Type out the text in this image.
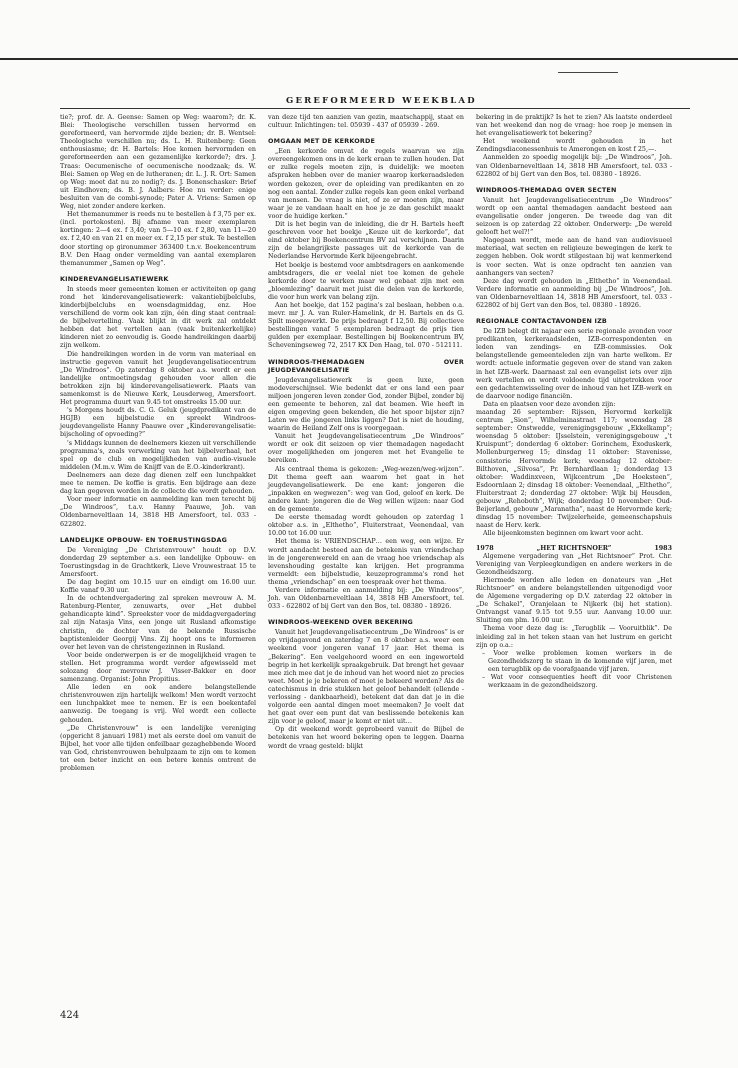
GEREFORMEERD WEEKBLAD

tie?; prof. dr. A. Geense: Samen op Weg: waarom?; dr. K. Blei: Theologische verschillen tussen hervormd en gereformeerd, van hervormde zijde bezien; dr. B. Wentsel: Theologische verschillen nu; ds. L. H. Ruitenberg: Geen enthousiasme; dr. H. Bartels: Hoe komen hervormden en gereformeerden aan een gezamenlijke kerkorde?; drs. J. Traas: Oecumenische of oecumenische noodzaak; ds. W. Blei: Samen op Weg en de lutheranen; dr. L. J. R. Ort: Samen op Weg: moet dat nu zo nodig?; ds. J. Bonenschasker: Brief uit Eindhoven; ds. B. J. Aalbers: Hoe nu verder: enige besluiten van de combi-synode; Pater A. Vriens: Samen op Weg, niet zonder andere kerken.

Het themanummer is reeds nu te bestellen à f 3,75 per ex. (incl. portokosten). Bij afname van meer exemplaren kortingen: 2—4 ex. f 3,40; van 5—10 ex. f 2,80, van 11—20 ex. f 2,40 en van 21 en meer ex. f 2,15 per stuk. Te bestellen door storting op gironummer 363400 t.n.v. Boekencentrum B.V. Den Haag onder vermelding van aantal exemplaren themanummer „Samen op Weg”.

KINDEREVANGELISATIEWERK

In steeds meer gemeenten komen er activiteiten op gang rond het kinderevangelisatiewerk: vakantiebijbelclubs, kinderbijbelclubs en woensdagmiddag, enz. Hoe verschillend de vorm ook kan zijn, één ding staat centraal: de bijbelvertelling. Vaak blijkt in dit werk zal ontdekt hebben dat het vertellen aan (vaak buitenkerkelijke) kinderen niet zo eenvoudig is. Goede handreikingen daarbij zijn welkom.

Die handreikingen worden in de vorm van materiaal en instructie gegeven vanuit het Jeugdevangelisatiecentrum „De Windroos”. Op zaterdag 8 oktober a.s. wordt er een landelijke ontmoetingsdag gehouden voor allen die betrokken zijn bij kinderevangelisatiewerk. Plaats van samenkomst is de Nieuwe Kerk, Leusderweg, Amersfoort. Het programma duurt van 9.45 tot omstreeks 15.00 uur.

's Morgens houdt ds. C. G. Geluk (jeugdpredikant van de HGJB) een bijbelstudie en spreekt Windroos-jeugdevangeliste Hanny Paauwe over „Kinderevangelisatie: bijscholing of opvoeding?”

's Middags kunnen de deelnemers kiezen uit verschillende programma's, zoals verwerking van het bijbelverhaal, het spel op de club en mogelijkheden van audio-visuele middelen (M.m.v. Wim de Knijff van de E.O.-kinderkrant).

Deelnemers aan deze dag dienen zelf een lunchpakket mee te nemen. De koffie is gratis. Een bijdrage aan deze dag kan gegeven worden in de collecte die wordt gehouden.

Voor meer informatie en aanmelding kan men terecht bij „De Windroos”, t.a.v. Hanny Paauwe, Joh. van Oldenbarneveltlaan 14, 3818 HB Amersfoort, tel. 033 - 622802.

LANDELIJKE OPBOUW- EN TOERUSTINGSDAG

De Vereniging „De Christenvrouw” houdt op D.V. donderdag 29 september a.s. een landelijke Opbouw- en Toerustingsdag in de Grachtkerk, Lieve Vrouwestraat 15 te Amersfoort.

De dag begint om 10.15 uur en eindigt om 16.00 uur. Koffie vanaf 9.30 uur.

In de ochtendvergadering zal spreken mevrouw A. M. Ratenburg-Plenter, zenuwarts, over „Het dubbel gehandicapte kind”. Spreekster voor de middagvergadering zal zijn Natasja Vins, een jonge uit Rusland afkomstige christin, de dochter van de bekende Russische baptistenleider Georgij Vins. Zij hoopt ons te informeren over het leven van de christengezinnen in Rusland.

Voor beide onderwerpen is er de mogelijkheid vragen te stellen. Het programma wordt verder afgewisseld met solozang door mevrouw J. Visser-Bakker en door samenzang. Organist: John Propitius.

Alle leden en ook andere belangstellende christenvrouwen zijn hartelijk welkom! Men wordt verzocht een lunchpakket mee te nemen. Er is een boekentafel aanwezig. De toegang is vrij. Wel wordt een collecte gehouden.

„De Christenvrouw” is een landelijke vereniging (opgericht 8 januari 1981) met als eerste doel om vanuit de Bijbel, het voor alle tijden onfeilbaar gezaghebbende Woord van God, christenvrouwen behulpzaam te zijn om te komen tot een beter inzicht en een betere kennis omtrent de problemen

van deze tijd ten aanzien van gezin, maatschappij, staat en cultuur. Inlichtingen: tel. 05939 - 437 of 05939 - 269.

OMGAAN MET DE KERKORDE

„Een kerkorde omvat de regels waarvan we zijn overeengekomen ons in de kerk eraan te zullen houden. Dat er zulke regels moeten zijn, is duidelijk: we moeten afspraken hebben over de manier waarop kerkeraadsleden worden gekozen, over de opleiding van predikanten en zo nog een aantal. Zonder zulke regels kan geen enkel verband van mensen. De vraag is niet, of ze er moeten zijn, maar waar je ze vandaan haalt en hoe je ze dan geschikt maakt voor de huidige kerken.”

Dit is het begin van de inleiding, die dr H. Bartels heeft geschreven voor het boekje „Keuze uit de kerkorde”, dat eind oktober bij Boekencentrum BV zal verschijnen. Daarin zijn de belangrijkste passages uit de kerkorde van de Nederlandse Hervormde Kerk bijeengebracht.

Het boekje is bestemd voor ambtsdragers en aankomende ambtsdragers, die er veelal niet toe komen de gehele kerkorde door te werken maar wel gebaat zijn met een „bloemlezing” daaruit met juist die delen van de kerkorde, die voor hun werk van belang zijn.

Aan het boekje, dat 152 pagina's zal beslaan, hebben o.a. mevr. mr J. A. van Ruler-Hamelink, dr H. Bartels en ds G. Spilt meegewerkt. De prijs bedraagt f 12,50. Bij collectieve bestellingen vanaf 5 exemplaren bedraagt de prijs tien gulden per exemplaar. Bestellingen bij Boekencentrum BV, Scheveningseweg 72, 2517 KX Den Haag, tel. 070 - 512111.

WINDROOS-THEMADAGEN OVER JEUGDEVANGELISATIE

Jeugdevangelisatiewerk is geen luxe, geen modeverschijnsel. Wie bedenkt dat er ons land een paar miljoen jongeren leven zonder God, zonder Bijbel, zonder bij een gemeente te behoren, zal dat beamen. Wie heeft in eigen omgeving geen bekenden, die het spoor bijster zijn? Laten we die jongeren links liggen? Dat is niet de houding, waarin de Heiland Zelf ons is voorgegaan.

Vanuit het Jeugdevangelisatiecentrum „De Windroos” wordt er ook dit seizoen op vier themadagen nagedacht over mogelijkheden om jongeren met het Evangelie te bereiken.

Als centraal thema is gekozen: „Weg-wezen/weg-wijzen”. Dit thema geeft aan waarom het gaat in het jeugdevangelisatiewerk. De ene kant: jongeren die „inpakken en wegwezen”: weg van God, geloof en kerk. De andere kant: jongeren die de Weg willen wijzen: naar God en de gemeente.

De eerste themadag wordt gehouden op zaterdag 1 oktober a.s. in „Elthetho”, Fluiterstraat, Veenendaal, van 10.00 tot 16.00 uur.

Het thema is: VRIENDSCHAP… een weg, een wijze. Er wordt aandacht besteed aan de betekenis van vriendschap in de jongerenwereld en aan de vraag hoe vriendschap als levenshouding gestalte kan krijgen. Het programma vermeldt: een bijbelstudie, keuzeprogramma's rond het thema „vriendschap” en een toespraak over het thema.

Verdere informatie en aanmelding bij: „De Windroos”, Joh. van Oldenbarneveltlaan 14, 3818 HB Amersfoort, tel. 033 - 622802 of bij Gert van den Bos, tel. 08380 - 18926.

WINDROOS-WEEKEND OVER BEKERING

Vanuit het Jeugdevangelisatiecentrum „De Windroos” is er op vrijdagavond en zaterdag 7 en 8 oktober a.s. weer een weekend voor jongeren vanaf 17 jaar. Het thema is „Bekering”. Een veelgehoord woord en een ingeworteld begrip in het kerkelijk spraakgebruik. Dat brengt het gevaar mee zich mee dat je de inhoud van het woord niet zo precies weet. Moet je je bekeren of moet je bekeerd worden? Als de catechismus in drie stukken het geloof behandelt (ellende - verlossing - dankbaarheid), betekent dat dan dat je in die volgorde een aantal dingen moet meemaken? Je voelt dat het gaat over een punt dat van beslissende betekenis kan zijn voor je geloof, maar je komt er niet uit…

Op dit weekend wordt geprobeerd vanuit de Bijbel de betekenis van het woord bekering open te leggen. Daarna wordt de vraag gesteld: blijkt

bekering in de praktijk? Is het te zien? Als laatste onderdeel van het weekend dan nog de vraag: hoe roep je mensen in het evangelisatiewerk tot bekering?

Het weekend wordt gehouden in het Zendingsdiaconessenhuis te Amerongen en kost f 25,—.

Aanmelden zo spoedig mogelijk bij: „De Windroos”, Joh. van Oldenbarneveltlaan 14, 3818 HB Amersfoort, tel. 033 - 622802 of bij Gert van den Bos, tel. 08380 - 18926.

WINDROOS-THEMADAG OVER SECTEN

Vanuit het Jeugdevangelisatiecentrum „De Windroos” wordt op een aantal themadagen aandacht besteed aan evangelisatie onder jongeren. De tweede dag van dit seizoen is op zaterdag 22 oktober. Onderwerp: „De wereld gelooft het wel?!”

Nagegaan wordt, mede aan de hand van audiovisueel materiaal, wat secten en religieuze bewegingen de kerk te zeggen hebben. Ook wordt stilgestaan bij wat kenmerkend is voor secten. Wat is onze opdracht ten aanzien van aanhangers van secten?

Deze dag wordt gehouden in „Elthetho” in Veenendaal. Verdere informatie en aanmelding bij „De Windroos”, Joh. van Oldenbarneveltlaan 14, 3818 HB Amersfoort, tel. 033 - 622802 of bij Gert van den Bos, tel. 08380 - 18926.

REGIONALE CONTACTAVONDEN IZB

De IZB belegt dit najaar een serie regionale avonden voor predikanten, kerkeraadsleden, IZB-correspondenten en leden van zendings- en IZB-commissies. Ook belangstellende gemeenteleden zijn van harte welkom. Er wordt: actuele informatie gegeven over de stand van zaken in het IZB-werk. Daarnaast zal een evangelist iets over zijn werk vertellen en wordt voldoende tijd uitgetrokken voor een gedachtenwisseling over de inhoud van het IZB-werk en de daarvoor nodige financiën.

Data en plaatsen voor deze avonden zijn:

maandag 26 september: Rijssen, Hervormd kerkelijk centrum „Sion”, Wilhelminastraat 117; woensdag 28 september: Onstwedde, verenigingsgebouw „Ekkelkamp”; woensdag 5 oktober: IJsselstein, verenigingsgebouw „'t Kruispunt”; donderdag 6 oktober: Gorinchem, Exoduskerk, Mollenburgerweg 15; dinsdag 11 oktober: Stavenisse, consistorie Hervormde kerk; woensdag 12 oktober: Bilthoven, „Silvosa”, Pr. Bernhardlaan 1; donderdag 13 oktober: Waddinxveen, Wijkcentrum „De Hoeksteen”, Esdoornlaan 2; dinsdag 18 oktober: Veenendaal, „Elthetho”, Fluiterstraat 2; donderdag 27 oktober: Wijk bij Heusden, gebouw „Rehoboth”, Wijk; donderdag 10 november: Oud-Beijerland, gebouw „Maranatha”, naast de Hervormde kerk; dinsdag 15 november: Twijzelerheide, gemeenschapshuis naast de Herv. kerk.

Alle bijeenkomsten beginnen om kwart voor acht.

1978	„HET RICHTSNOER”	1983

Algemene vergadering van „Het Richtsnoer” Prot. Chr. Vereniging van Verpleegkundigen en andere werkers in de Gezondheidszorg.

Hiermede worden alle leden en donateurs van „Het Richtsnoer” en andere belangstellenden uitgenodigd voor de Algemene vergadering op D.V. zaterdag 22 oktober in „De Schakel”, Oranjelaan te Nijkerk (bij het station). Ontvangst vanaf 9.15 tot 9.55 uur. Aanvang 10.00 uur. Sluiting om plm. 16.00 uur.

Thema voor deze dag is: „Terugblik — Vooruitblik”. De inleiding zal in het teken staan van het lustrum en gericht zijn op o.a.:

– Voor welke problemen komen werkers in de Gezondheidszorg te staan in de komende vijf jaren, met een terugblik op de voorafgaande vijf jaren.
– Wat voor consequenties heeft dit voor Christenen werkzaam in de gezondheidszorg.
424
